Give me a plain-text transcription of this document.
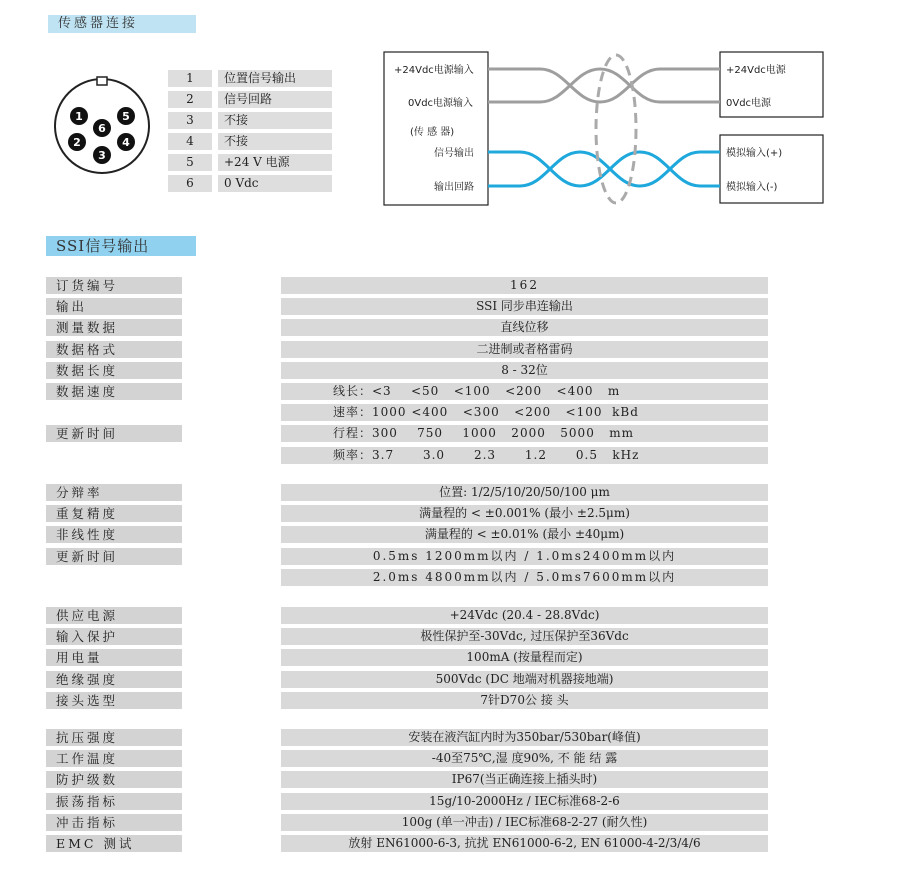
传感器连接
1	5
6
2	4
3
1	位置信号输出
2	信号回路
3	不接
4	不接
5	+24 V 电源
6	0 Vdc
+24Vdc电源输入
0Vdc电源输入
(传 感 器)
信号输出
输出回路
+24Vdc电源
0Vdc电源
模拟输入(+)
模拟输入(-)
SSI信号输出
订货编号	162
输出	SSI 同步串连输出
测量数据	直线位移
数据格式	二进制或者格雷码
数据长度	8 - 32位
数据速度	线长：<3    <50   <100   <200   <400   m
速率：1000 <400   <300   <200   <100  kBd
更新时间	行程：300    750    1000   2000   5000   mm
频率：3.7      3.0      2.3      1.2      0.5   kHz
分辩率	位置: 1/2/5/10/20/50/100 μm
重复精度	满量程的 < ±0.001% (最小 ±2.5μm)
非线性度	满量程的 < ±0.01% (最小 ±40μm)
更新时间	0.5ms 1200mm以内 / 1.0ms2400mm以内
2.0ms 4800mm以内 / 5.0ms7600mm以内
供应电源	+24Vdc (20.4 - 28.8Vdc)
输入保护	极性保护至-30Vdc, 过压保护至36Vdc
用电量	100mA (按量程而定)
绝缘强度	500Vdc (DC 地端对机器接地端)
接头选型	7针D70公 接 头
抗压强度	安装在液汽缸内时为350bar/530bar(峰值)
工作温度	-40至75℃,湿 度90%, 不 能 结 露
防护级数	IP67(当正确连接上插头时)
振荡指标	15g/10-2000Hz / IEC标准68-2-6
冲击指标	100g (单一冲击) / IEC标准68-2-27 (耐久性)
EMC 测试	放射 EN61000-6-3, 抗扰 EN61000-6-2, EN 61000-4-2/3/4/6
